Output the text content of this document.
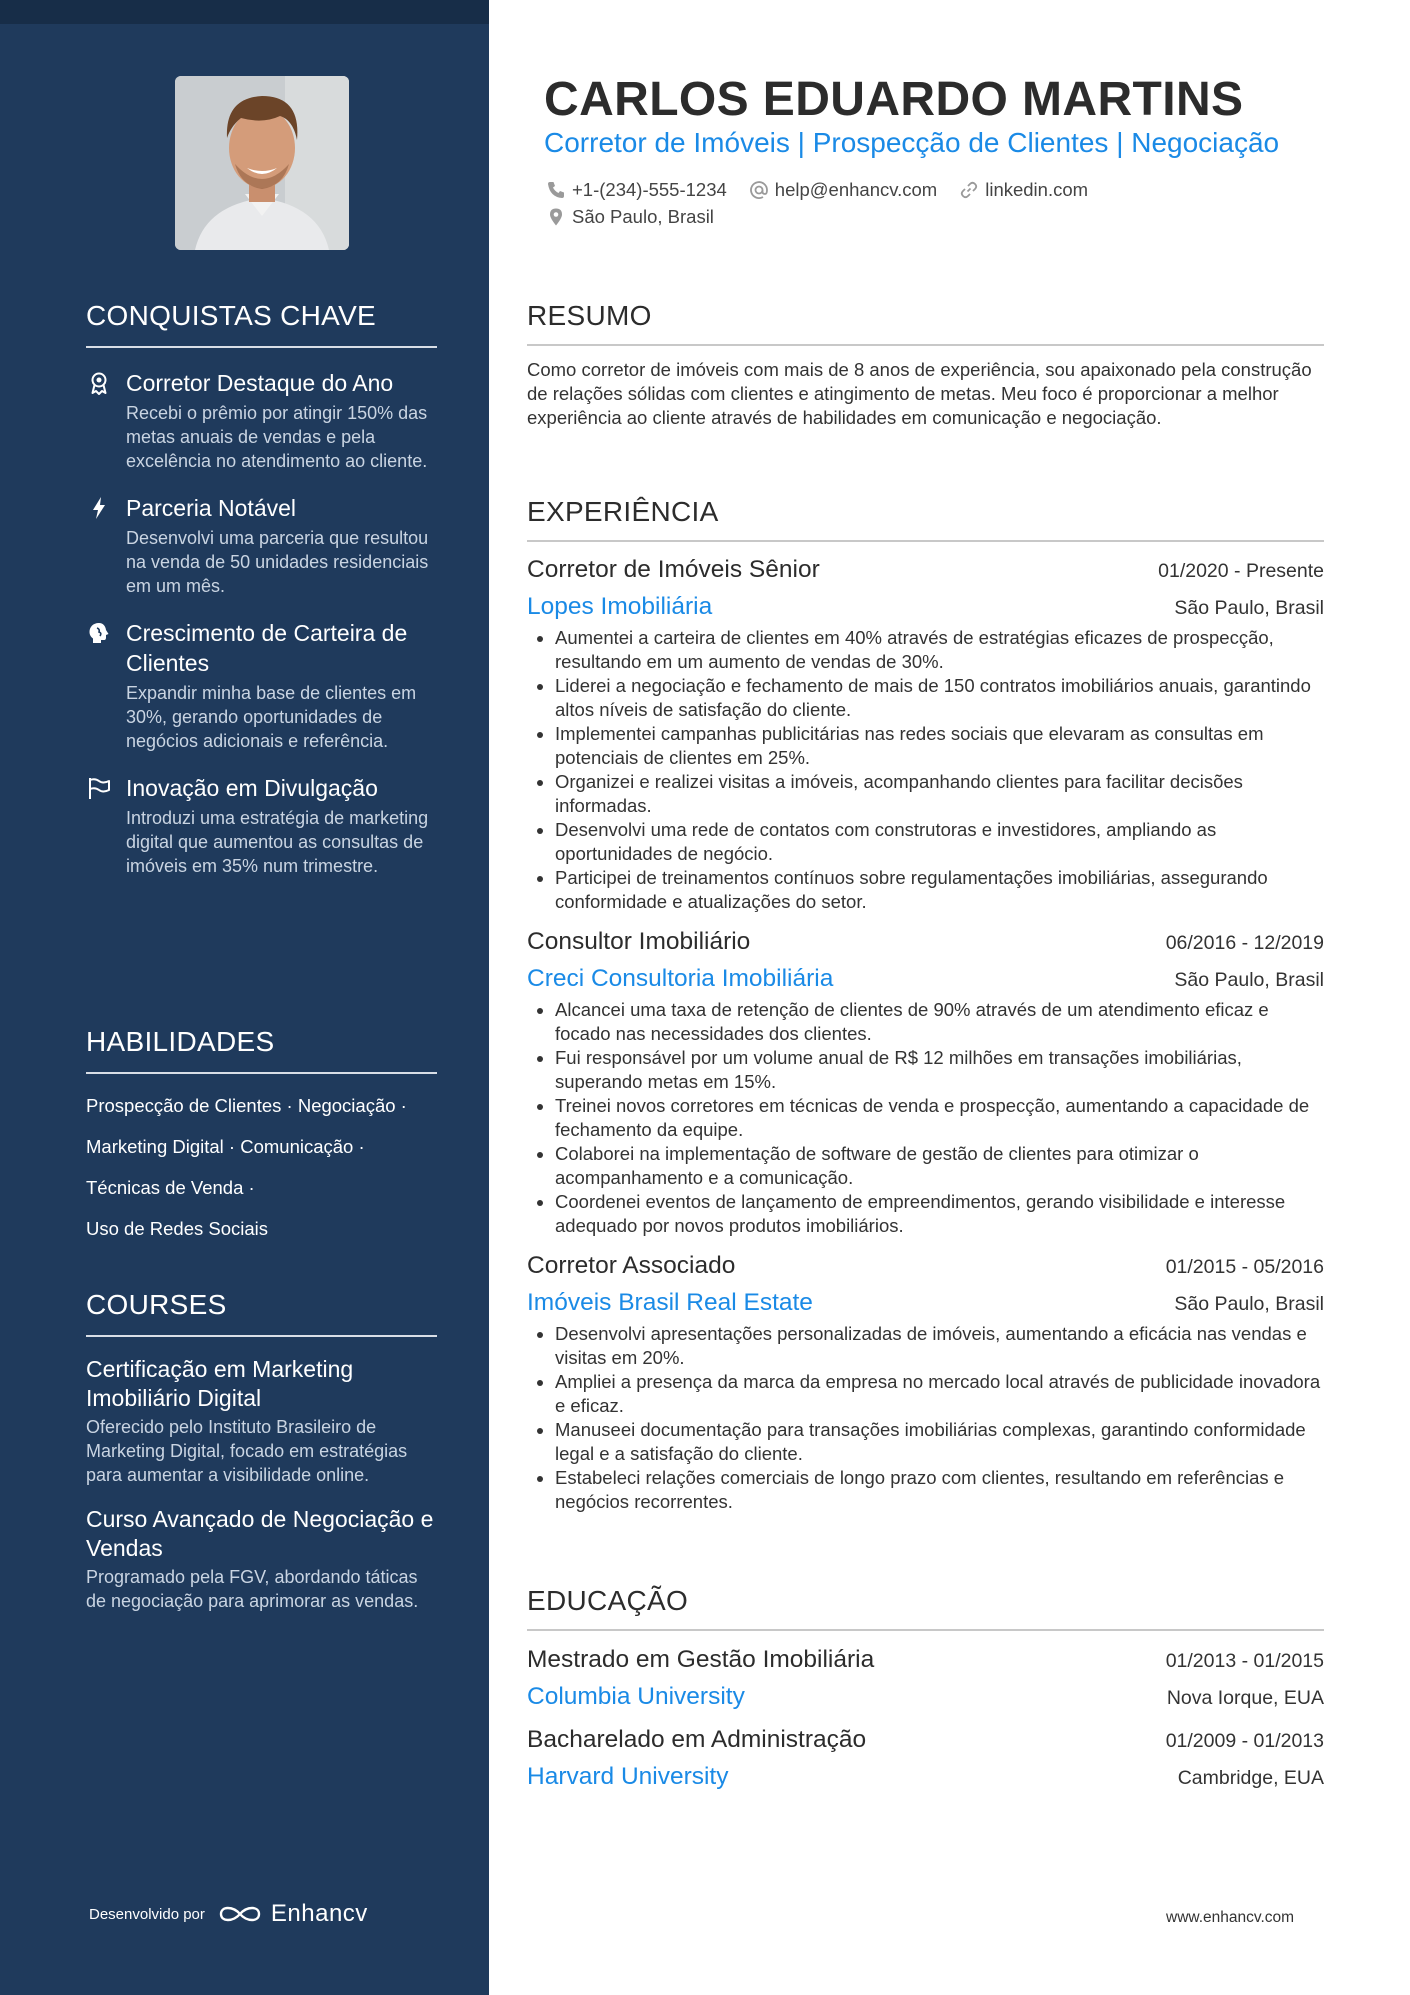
CONQUISTAS CHAVE
Corretor Destaque do Ano
Recebi o prêmio por atingir 150% das metas anuais de vendas e pela excelência no atendimento ao cliente.
Parceria Notável
Desenvolvi uma parceria que resultou na venda de 50 unidades residenciais em um mês.
Crescimento de Carteira de Clientes
Expandir minha base de clientes em 30%, gerando oportunidades de negócios adicionais e referência.
Inovação em Divulgação
Introduzi uma estratégia de marketing digital que aumentou as consultas de imóveis em 35% num trimestre.
HABILIDADES
Prospecção de Clientes · Negociação ·
Marketing Digital · Comunicação ·
Técnicas de Venda ·
Uso de Redes Sociais
COURSES
Certificação em Marketing Imobiliário Digital
Oferecido pelo Instituto Brasileiro de Marketing Digital, focado em estratégias para aumentar a visibilidade online.
Curso Avançado de Negociação e Vendas
Programado pela FGV, abordando táticas de negociação para aprimorar as vendas.
Desenvolvido por	Enhancv
CARLOS EDUARDO MARTINS
Corretor de Imóveis | Prospecção de Clientes | Negociação
+1-(234)-555-1234	help@enhancv.com	linkedin.com
São Paulo, Brasil
RESUMO
Como corretor de imóveis com mais de 8 anos de experiência, sou apaixonado pela construção de relações sólidas com clientes e atingimento de metas. Meu foco é proporcionar a melhor experiência ao cliente através de habilidades em comunicação e negociação.
EXPERIÊNCIA
Corretor de Imóveis Sênior	01/2020 - Presente
Lopes Imobiliária	São Paulo, Brasil
• Aumentei a carteira de clientes em 40% através de estratégias eficazes de prospecção, resultando em um aumento de vendas de 30%.
• Liderei a negociação e fechamento de mais de 150 contratos imobiliários anuais, garantindo altos níveis de satisfação do cliente.
• Implementei campanhas publicitárias nas redes sociais que elevaram as consultas em potenciais de clientes em 25%.
• Organizei e realizei visitas a imóveis, acompanhando clientes para facilitar decisões informadas.
• Desenvolvi uma rede de contatos com construtoras e investidores, ampliando as oportunidades de negócio.
• Participei de treinamentos contínuos sobre regulamentações imobiliárias, assegurando conformidade e atualizações do setor.
Consultor Imobiliário	06/2016 - 12/2019
Creci Consultoria Imobiliária	São Paulo, Brasil
• Alcancei uma taxa de retenção de clientes de 90% através de um atendimento eficaz e focado nas necessidades dos clientes.
• Fui responsável por um volume anual de R$ 12 milhões em transações imobiliárias, superando metas em 15%.
• Treinei novos corretores em técnicas de venda e prospecção, aumentando a capacidade de fechamento da equipe.
• Colaborei na implementação de software de gestão de clientes para otimizar o acompanhamento e a comunicação.
• Coordenei eventos de lançamento de empreendimentos, gerando visibilidade e interesse adequado por novos produtos imobiliários.
Corretor Associado	01/2015 - 05/2016
Imóveis Brasil Real Estate	São Paulo, Brasil
• Desenvolvi apresentações personalizadas de imóveis, aumentando a eficácia nas vendas e visitas em 20%.
• Ampliei a presença da marca da empresa no mercado local através de publicidade inovadora e eficaz.
• Manuseei documentação para transações imobiliárias complexas, garantindo conformidade legal e a satisfação do cliente.
• Estabeleci relações comerciais de longo prazo com clientes, resultando em referências e negócios recorrentes.
EDUCAÇÃO
Mestrado em Gestão Imobiliária	01/2013 - 01/2015
Columbia University	Nova Iorque, EUA
Bacharelado em Administração	01/2009 - 01/2013
Harvard University	Cambridge, EUA
www.enhancv.com
